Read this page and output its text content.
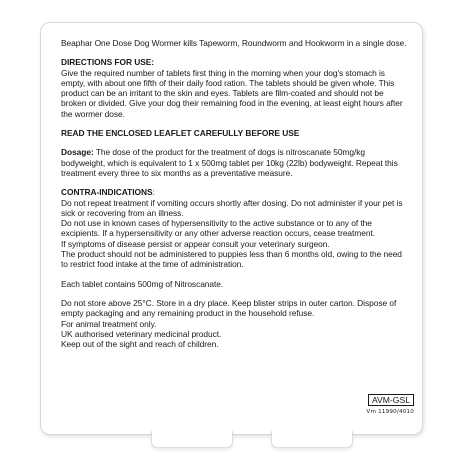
Beaphar One Dose Dog Wormer kills Tapeworm, Roundworm and Hookworm in a single dose.

DIRECTIONS FOR USE:

Give the required number of tablets first thing in the morning when your dog's stomach is empty, with about one fifth of their daily food ration. The tablets should be given whole. This product can be an irritant to the skin and eyes. Tablets are film-coated and should not be broken or divided. Give your dog their remaining food in the evening, at least eight hours after the wormer dose.

READ THE ENCLOSED LEAFLET CAREFULLY BEFORE USE

Dosage: The dose of the product for the treatment of dogs is nitroscanate 50mg/kg bodyweight, which is equivalent to 1 x 500mg tablet per 10kg (22lb) bodyweight. Repeat this treatment every three to six months as a preventative measure.

CONTRA-INDICATIONS:

Do not repeat treatment if vomiting occurs shortly after dosing. Do not administer if your pet is sick or recovering from an illness.

Do not use in known cases of hypersensitivity to the active substance or to any of the excipients. If a hypersensitivity or any other adverse reaction occurs, cease treatment.

If symptoms of disease persist or appear consult your veterinary surgeon.

The product should not be administered to puppies less than 6 months old, owing to the need to restrict food intake at the time of administration.

Each tablet contains 500mg of Nitroscanate.

Do not store above 25°C. Store in a dry place. Keep blister strips in outer carton. Dispose of empty packaging and any remaining product in the household refuse.

For animal treatment only.

UK authorised veterinary medicinal product.

Keep out of the sight and reach of children.

AVM-GSL
Vm 11990/4010
